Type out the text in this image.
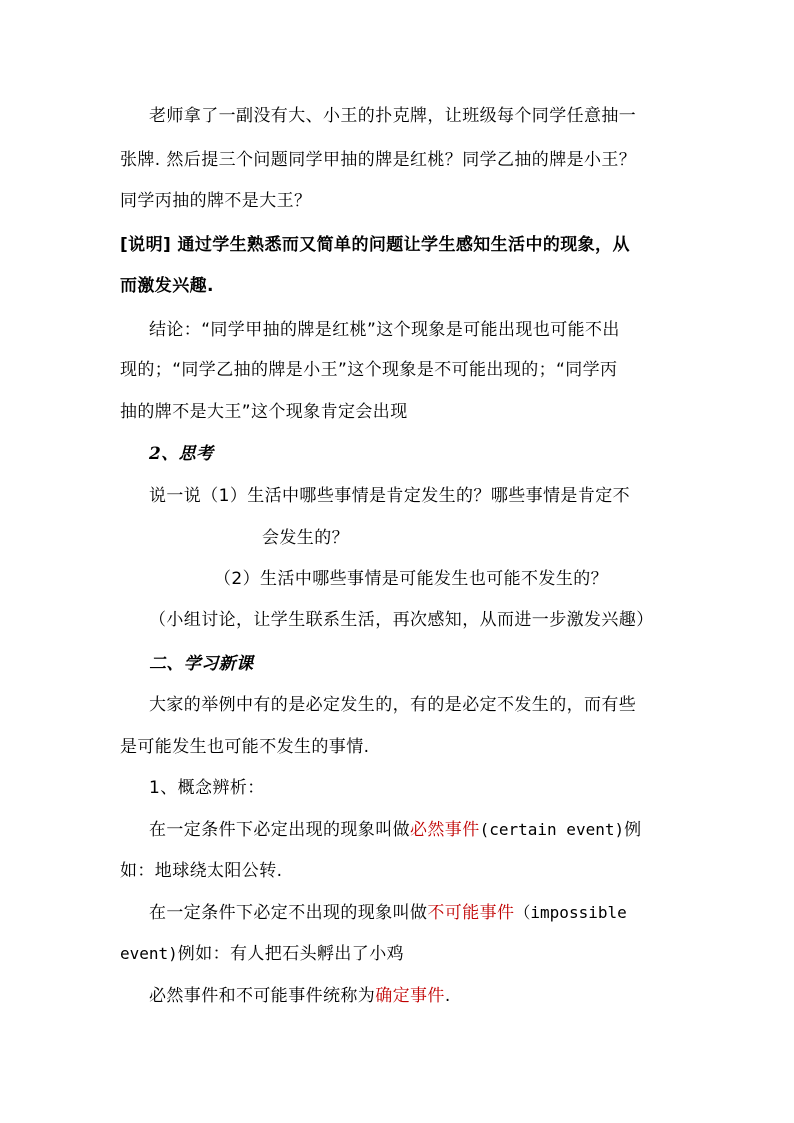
老师拿了一副没有大、小王的扑克牌，让班级每个同学任意抽一
张牌. 然后提三个问题同学甲抽的牌是红桃？同学乙抽的牌是小王？
同学丙抽的牌不是大王？
[说明] 通过学生熟悉而又简单的问题让学生感知生活中的现象，从
而激发兴趣.
结论：“同学甲抽的牌是红桃”这个现象是可能出现也可能不出
现的；“同学乙抽的牌是小王”这个现象是不可能出现的；“同学丙
抽的牌不是大王”这个现象肯定会出现
2、思考
说一说（1）生活中哪些事情是肯定发生的？哪些事情是肯定不
会发生的？
（2）生活中哪些事情是可能发生也可能不发生的？
（小组讨论，让学生联系生活，再次感知，从而进一步激发兴趣）
二、学习新课
大家的举例中有的是必定发生的，有的是必定不发生的，而有些
是可能发生也可能不发生的事情.
1、概念辨析：
在一定条件下必定出现的现象叫做必然事件(certain event)例
如：地球绕太阳公转.
在一定条件下必定不出现的现象叫做不可能事件（impossible
event)例如：有人把石头孵出了小鸡
必然事件和不可能事件统称为确定事件.
